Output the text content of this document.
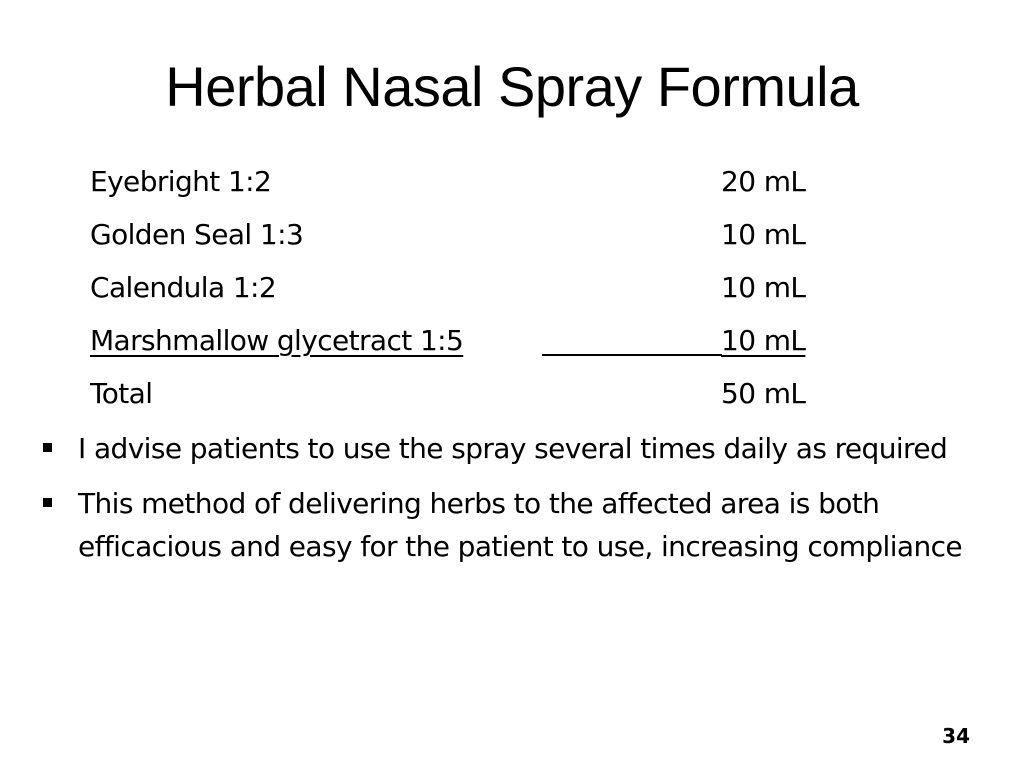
Herbal Nasal Spray Formula
Eyebright 1:2	20 mL
Golden Seal 1:3	10 mL
Calendula 1:2	10 mL
Marshmallow glycetract 1:5	10 mL
Total	50 mL
I advise patients to use the spray several times daily as required
This method of delivering herbs to the affected area is both efficacious and easy for the patient to use, increasing compliance
34
